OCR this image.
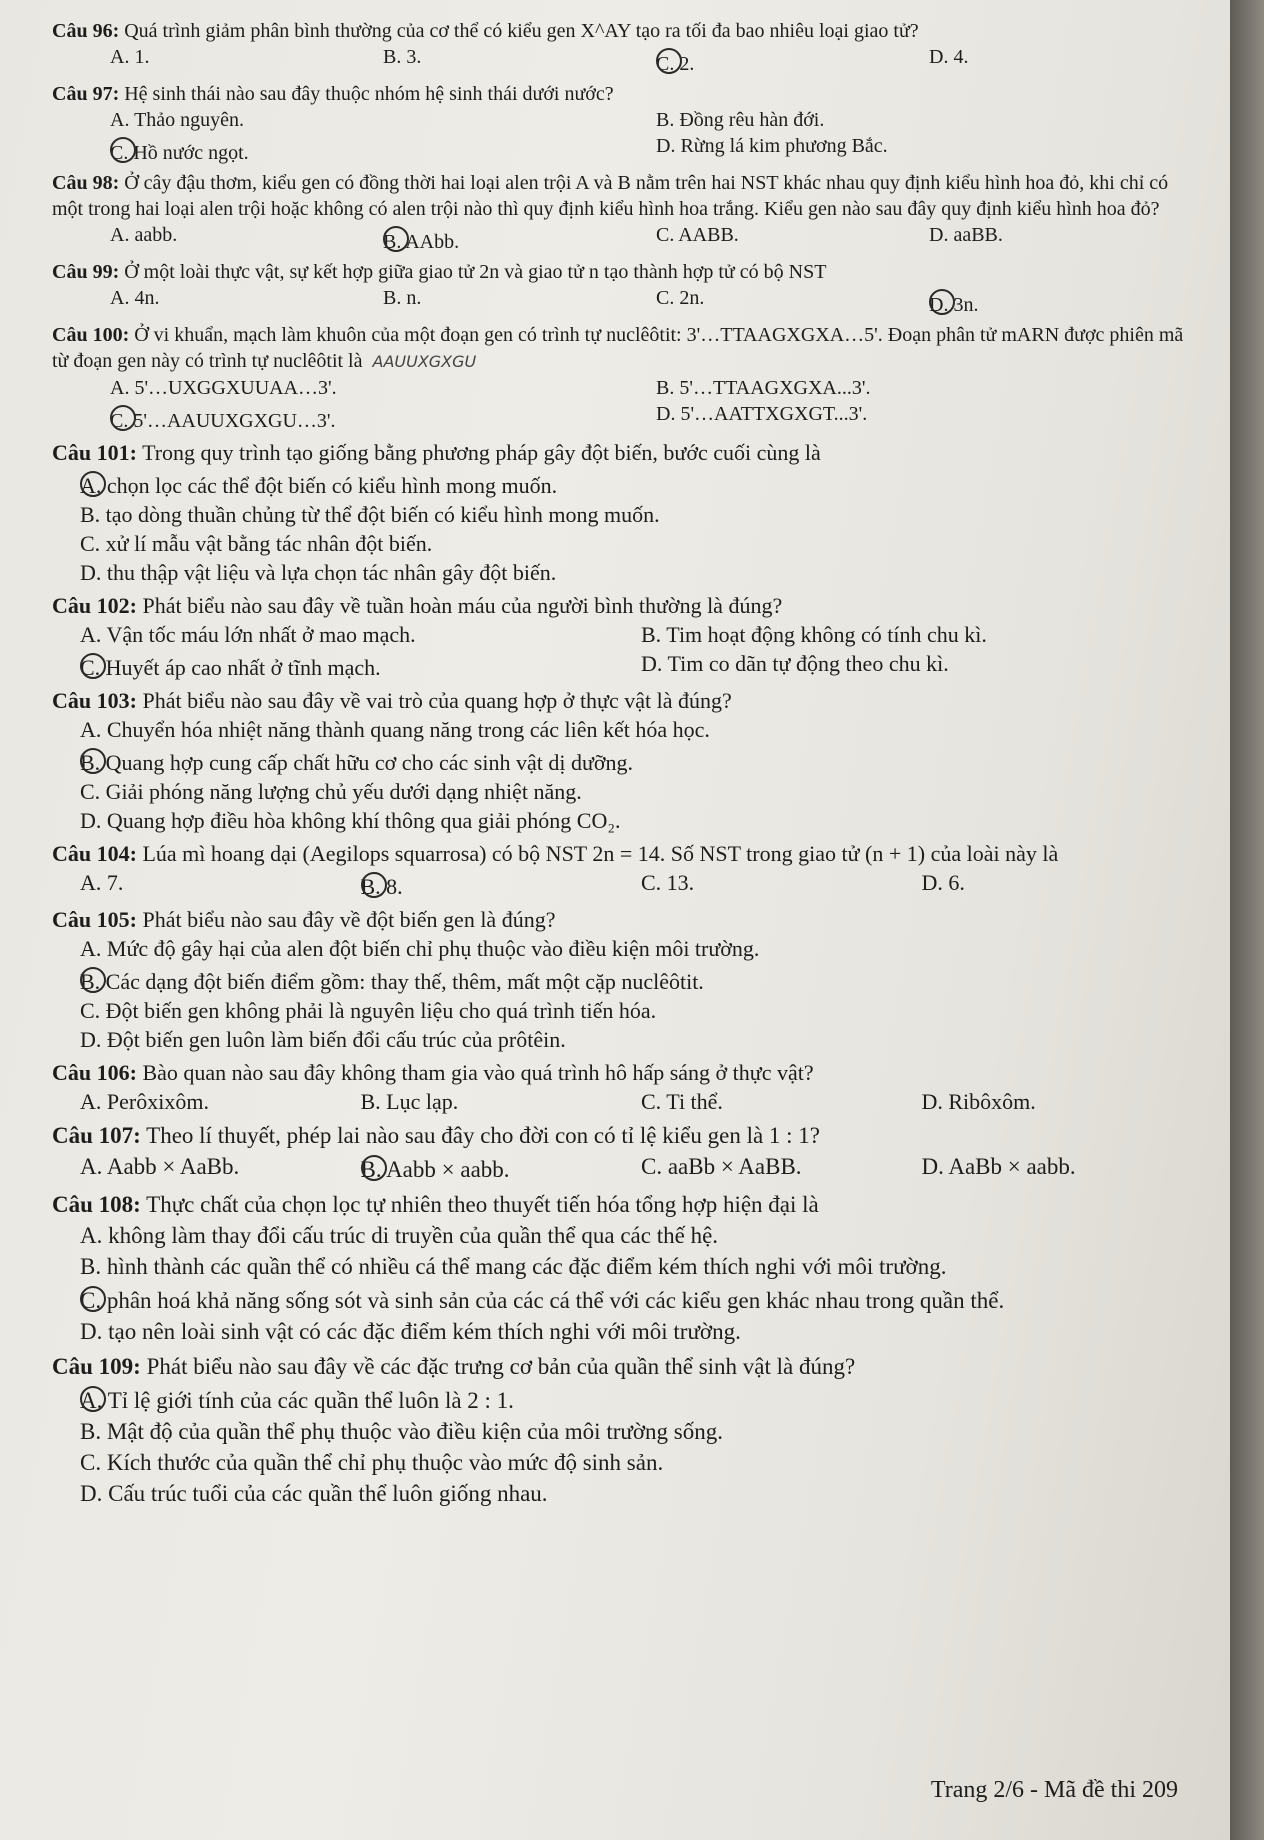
Câu 96: Quá trình giảm phân bình thường của cơ thể có kiểu gen X^AY tạo ra tối đa bao nhiêu loại giao tử?
A. 1.	B. 3.	C. 2.	D. 4.
Câu 97: Hệ sinh thái nào sau đây thuộc nhóm hệ sinh thái dưới nước?
A. Thảo nguyên.	B. Đồng rêu hàn đới.
C. Hồ nước ngọt.	D. Rừng lá kim phương Bắc.
Câu 98: Ở cây đậu thơm, kiểu gen có đồng thời hai loại alen trội A và B nằm trên hai NST khác nhau quy định kiểu hình hoa đỏ, khi chỉ có một trong hai loại alen trội hoặc không có alen trội nào thì quy định kiểu hình hoa trắng. Kiểu gen nào sau đây quy định kiểu hình hoa đỏ?
A. aabb.	B. AAbb.	C. AABB.	D. aaBB.
Câu 99: Ở một loài thực vật, sự kết hợp giữa giao tử 2n và giao tử n tạo thành hợp tử có bộ NST
A. 4n.	B. n.	C. 2n.	D. 3n.
Câu 100: Ở vi khuẩn, mạch làm khuôn của một đoạn gen có trình tự nuclêôtit: 3'…TTAAGXGXA…5'. Đoạn phân tử mARN được phiên mã từ đoạn gen này có trình tự nuclêôtit là AAUUXGXGU
A. 5'…UXGGXUUAA…3'.	B. 5'…TTAAGXGXA...3'.
C. 5'…AAUUXGXGU…3'.	D. 5'…AATTXGXGT...3'.
Câu 101: Trong quy trình tạo giống bằng phương pháp gây đột biến, bước cuối cùng là
A. chọn lọc các thể đột biến có kiểu hình mong muốn.
B. tạo dòng thuần chủng từ thể đột biến có kiểu hình mong muốn.
C. xử lí mẫu vật bằng tác nhân đột biến.
D. thu thập vật liệu và lựa chọn tác nhân gây đột biến.
Câu 102: Phát biểu nào sau đây về tuần hoàn máu của người bình thường là đúng?
A. Vận tốc máu lớn nhất ở mao mạch.	B. Tim hoạt động không có tính chu kì.
C. Huyết áp cao nhất ở tĩnh mạch.	D. Tim co dãn tự động theo chu kì.
Câu 103: Phát biểu nào sau đây về vai trò của quang hợp ở thực vật là đúng?
A. Chuyển hóa nhiệt năng thành quang năng trong các liên kết hóa học.
B. Quang hợp cung cấp chất hữu cơ cho các sinh vật dị dưỡng.
C. Giải phóng năng lượng chủ yếu dưới dạng nhiệt năng.
D. Quang hợp điều hòa không khí thông qua giải phóng CO₂.
Câu 104: Lúa mì hoang dại (Aegilops squarrosa) có bộ NST 2n = 14. Số NST trong giao tử (n + 1) của loài này là
A. 7.	B. 8.	C. 13.	D. 6.
Câu 105: Phát biểu nào sau đây về đột biến gen là đúng?
A. Mức độ gây hại của alen đột biến chỉ phụ thuộc vào điều kiện môi trường.
B. Các dạng đột biến điểm gồm: thay thế, thêm, mất một cặp nuclêôtit.
C. Đột biến gen không phải là nguyên liệu cho quá trình tiến hóa.
D. Đột biến gen luôn làm biến đổi cấu trúc của prôtêin.
Câu 106: Bào quan nào sau đây không tham gia vào quá trình hô hấp sáng ở thực vật?
A. Perôxixôm.	B. Lục lạp.	C. Ti thể.	D. Ribôxôm.
Câu 107: Theo lí thuyết, phép lai nào sau đây cho đời con có tỉ lệ kiểu gen là 1 : 1?
A. Aabb × AaBb.	B. Aabb × aabb.	C. aaBb × AaBB.	D. AaBb × aabb.
Câu 108: Thực chất của chọn lọc tự nhiên theo thuyết tiến hóa tổng hợp hiện đại là
A. không làm thay đổi cấu trúc di truyền của quần thể qua các thế hệ.
B. hình thành các quần thể có nhiều cá thể mang các đặc điểm kém thích nghi với môi trường.
C. phân hoá khả năng sống sót và sinh sản của các cá thể với các kiểu gen khác nhau trong quần thể.
D. tạo nên loài sinh vật có các đặc điểm kém thích nghi với môi trường.
Câu 109: Phát biểu nào sau đây về các đặc trưng cơ bản của quần thể sinh vật là đúng?
A. Tỉ lệ giới tính của các quần thể luôn là 2 : 1.
B. Mật độ của quần thể phụ thuộc vào điều kiện của môi trường sống.
C. Kích thước của quần thể chỉ phụ thuộc vào mức độ sinh sản.
D. Cấu trúc tuổi của các quần thể luôn giống nhau.
Trang 2/6 - Mã đề thi 209
